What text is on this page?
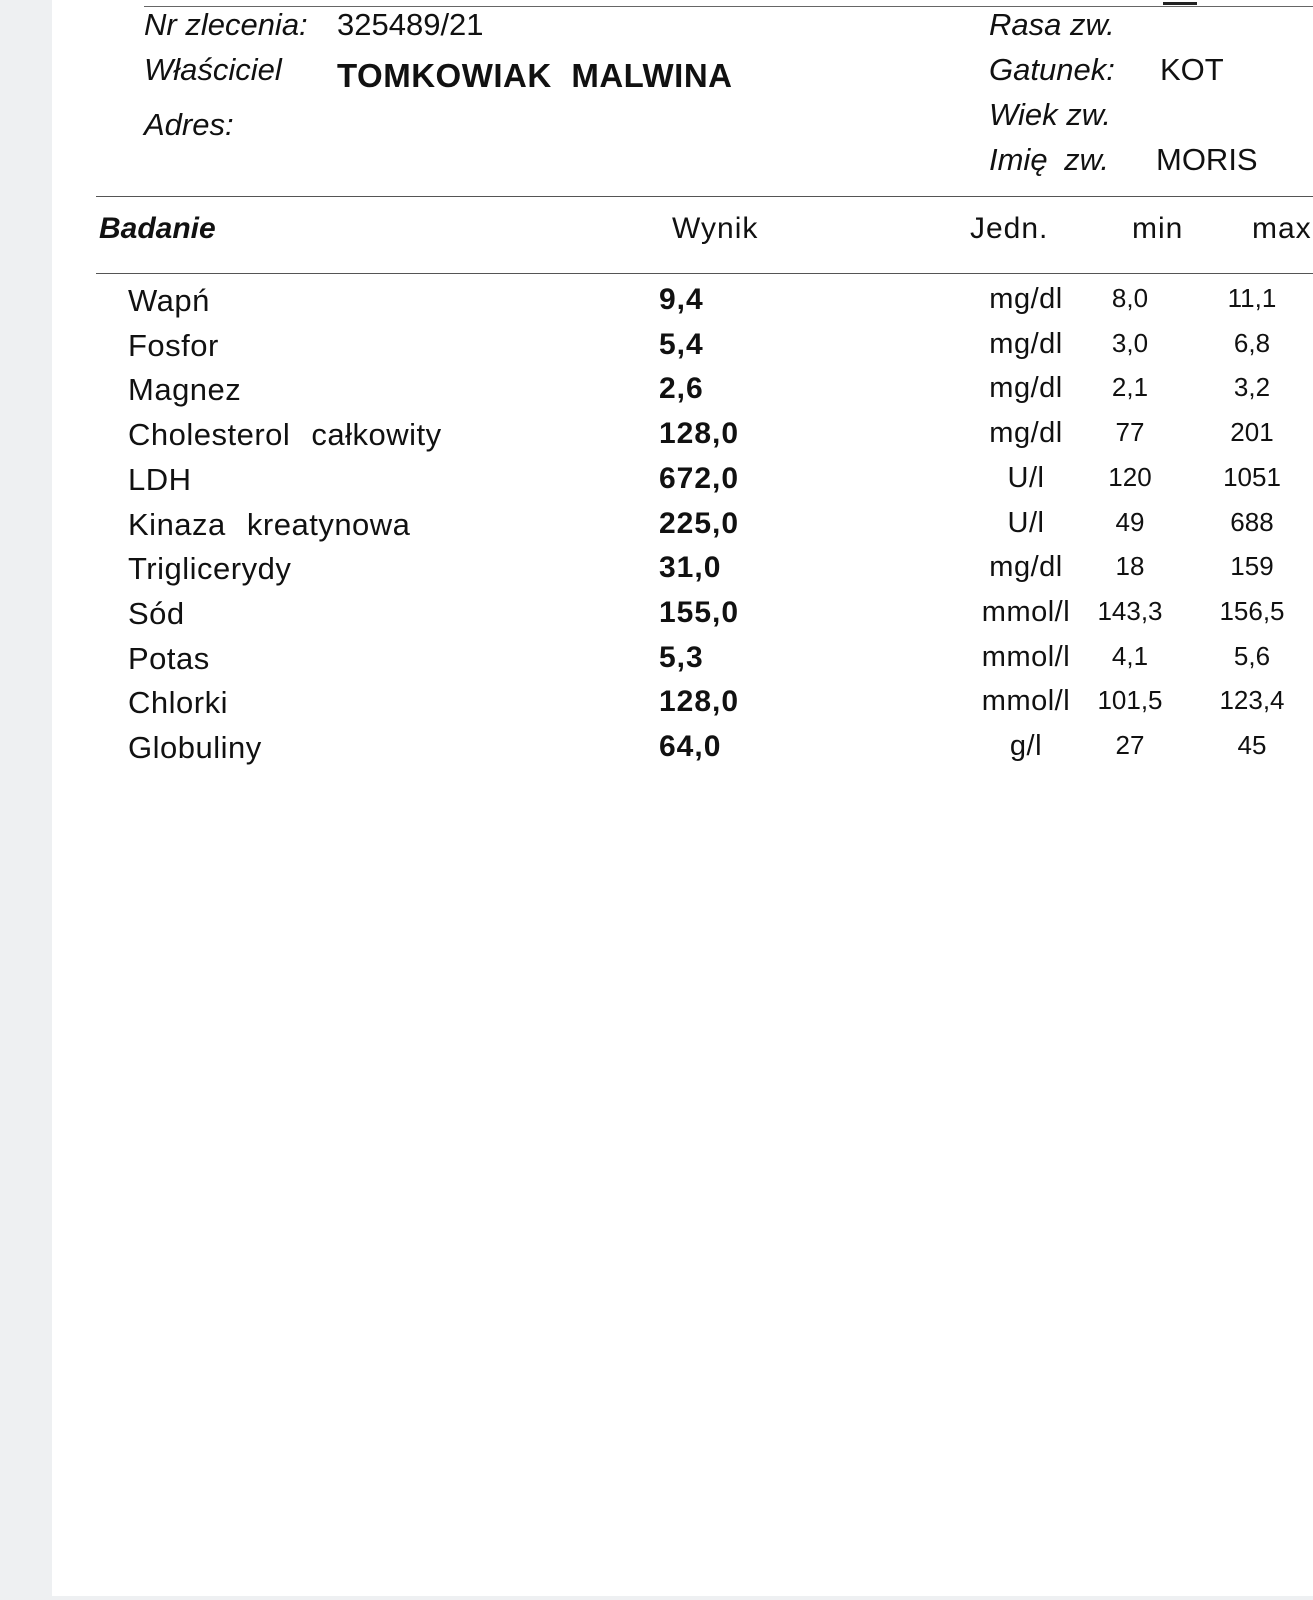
Nr zlecenia: 325489/21
Właściciel TOMKOWIAK MALWINA
Adres:
Rasa zw.
Gatunek: KOT
Wiek zw.
Imię zw. MORIS
Badanie	Wynik	Jedn.	min max
Wapń	9,4	mg/dl	8,0	11,1
Fosfor	5,4	mg/dl	3,0	6,8
Magnez	2,6	mg/dl	2,1	3,2
Cholesterol całkowity	128,0	mg/dl	77	201
LDH	672,0	U/l	120	1051
Kinaza kreatynowa	225,0	U/l	49	688
Triglicerydy	31,0	mg/dl	18	159
Sód	155,0	mmol/l	143,3	156,5
Potas	5,3	mmol/l	4,1	5,6
Chlorki	128,0	mmol/l	101,5	123,4
Globuliny	64,0	g/l	27	45
